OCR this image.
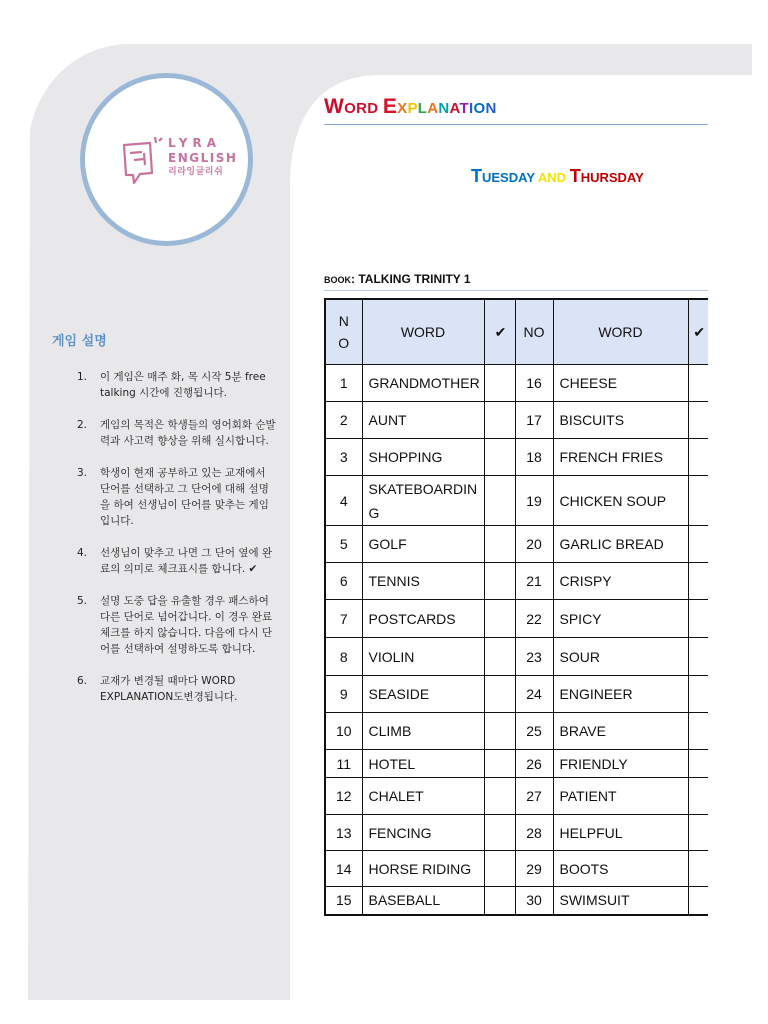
LYRA
ENGLISH
리라잉글리쉬
WORD EXPLANATION
TUESDAY AND THURSDAY
BOOK: TALKING TRINITY 1
게임 설명
1.	이 게임은 매주 화, 목 시작 5분 free talking 시간에 진행됩니다.
2.	게임의 목적은 학생들의 영어회화 순발력과 사고력 향상을 위해 실시합니다.
3.	학생이 현재 공부하고 있는 교재에서 단어를 선택하고 그 단어에 대해 설명을 하여 선생님이 단어를 맞추는 게임입니다.
4.	선생님이 맞추고 나면 그 단어 옆에 완료의 의미로 체크표시를 합니다. ✔
5.	설명 도중 답을 유출할 경우 패스하여 다른 단어로 넘어갑니다. 이 경우 완료 체크를 하지 않습니다. 다음에 다시 단어를 선택하여 설명하도록 합니다.
6.	교재가 변경될 때마다 WORD EXPLANATION도변경됩니다.
N
O	WORD	✔	NO	WORD	✔
1	GRANDMOTHER		16	CHEESE	
2	AUNT		17	BISCUITS	
3	SHOPPING		18	FRENCH FRIES	
4	SKATEBOARDIN G		19	CHICKEN SOUP	
5	GOLF		20	GARLIC BREAD	
6	TENNIS		21	CRISPY	
7	POSTCARDS		22	SPICY	
8	VIOLIN		23	SOUR	
9	SEASIDE		24	ENGINEER	
10	CLIMB		25	BRAVE	
11	HOTEL		26	FRIENDLY	
12	CHALET		27	PATIENT	
13	FENCING		28	HELPFUL	
14	HORSE RIDING		29	BOOTS	
15	BASEBALL		30	SWIMSUIT	
